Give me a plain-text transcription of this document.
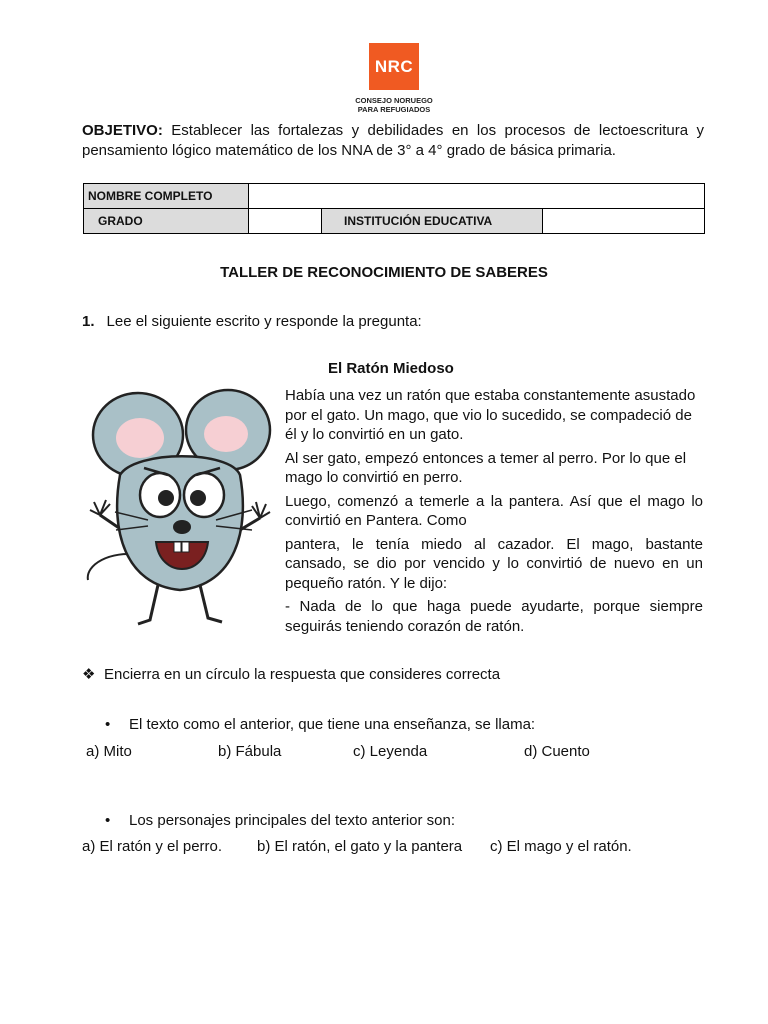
NRC
CONSEJO NORUEGO
PARA REFUGIADOS
OBJETIVO: Establecer las fortalezas y debilidades en los procesos de lectoescritura y pensamiento lógico matemático de los NNA de 3° a 4° grado de básica primaria.
NOMBRE COMPLETO			
GRADO		INSTITUCIÓN EDUCATIVA	
TALLER DE RECONOCIMIENTO DE SABERES
1. Lee el siguiente escrito y responde la pregunta:
El Ratón Miedoso

Había una vez un ratón que estaba constantemente asustado por el gato. Un mago, que vio lo sucedido, se compadeció de él y lo convirtió en un gato.

Al ser gato, empezó entonces a temer al perro. Por lo que el mago lo convirtió en perro.

Luego, comenzó a temerle a la pantera. Así que el mago lo convirtió en Pantera. Como

pantera, le tenía miedo al cazador. El mago, bastante cansado, se dio por vencido y lo convirtió de nuevo en un pequeño ratón. Y le dijo:

- Nada de lo que haga puede ayudarte, porque siempre seguirás teniendo corazón de ratón.

❖ Encierra en un círculo la respuesta que consideres correcta
• El texto como el anterior, que tiene una enseñanza, se llama:
a) Mito	b) Fábula	c) Leyenda	d) Cuento
• Los personajes principales del texto anterior son:
a) El ratón y el perro. b) El ratón, el gato y la pantera c) El mago y el ratón.
